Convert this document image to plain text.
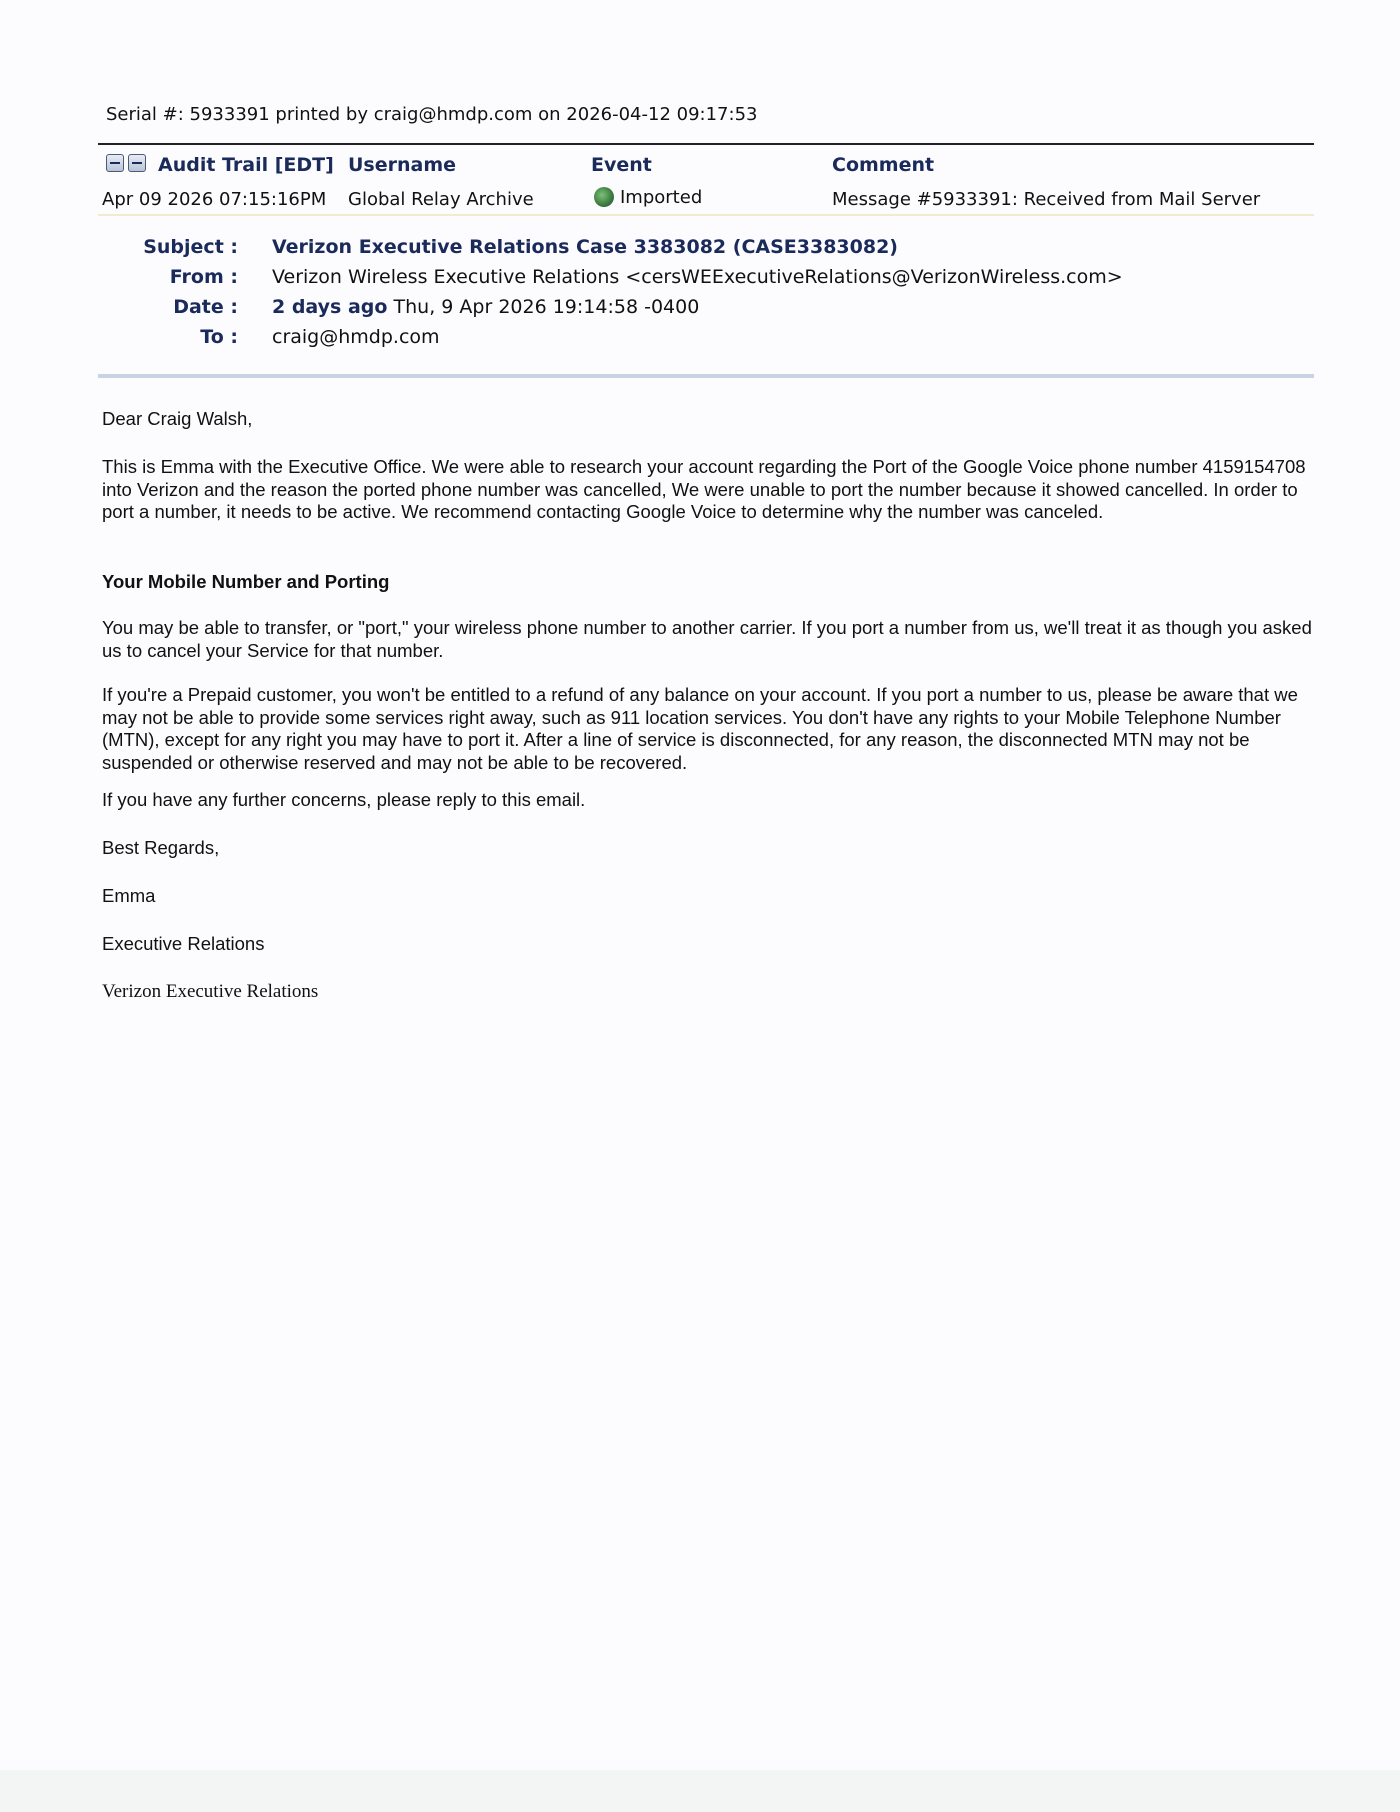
Serial #: 5933391 printed by craig@hmdp.com on 2026-04-12 09:17:53
Audit Trail [EDT] Username	Event	Comment
Apr 09 2026 07:15:16PM Global Relay Archive	Imported	Message #5933391: Received from Mail Server
Subject : Verizon Executive Relations Case 3383082 (CASE3383082)
From : Verizon Wireless Executive Relations <cersWEExecutiveRelations@VerizonWireless.com>
Date : 2 days ago Thu, 9 Apr 2026 19:14:58 -0400
To : craig@hmdp.com

Dear Craig Walsh,

This is Emma with the Executive Office. We were able to research your account regarding the Port of the Google Voice phone number 4159154708 into Verizon and the reason the ported phone number was cancelled, We were unable to port the number because it showed cancelled. In order to port a number, it needs to be active. We recommend contacting Google Voice to determine why the number was canceled.

Your Mobile Number and Porting

You may be able to transfer, or "port," your wireless phone number to another carrier. If you port a number from us, we'll treat it as though you asked us to cancel your Service for that number.

If you're a Prepaid customer, you won't be entitled to a refund of any balance on your account. If you port a number to us, please be aware that we may not be able to provide some services right away, such as 911 location services. You don't have any rights to your Mobile Telephone Number (MTN), except for any right you may have to port it. After a line of service is disconnected, for any reason, the disconnected MTN may not be suspended or otherwise reserved and may not be able to be recovered.

If you have any further concerns, please reply to this email.

Best Regards,

Emma

Executive Relations

Verizon Executive Relations
